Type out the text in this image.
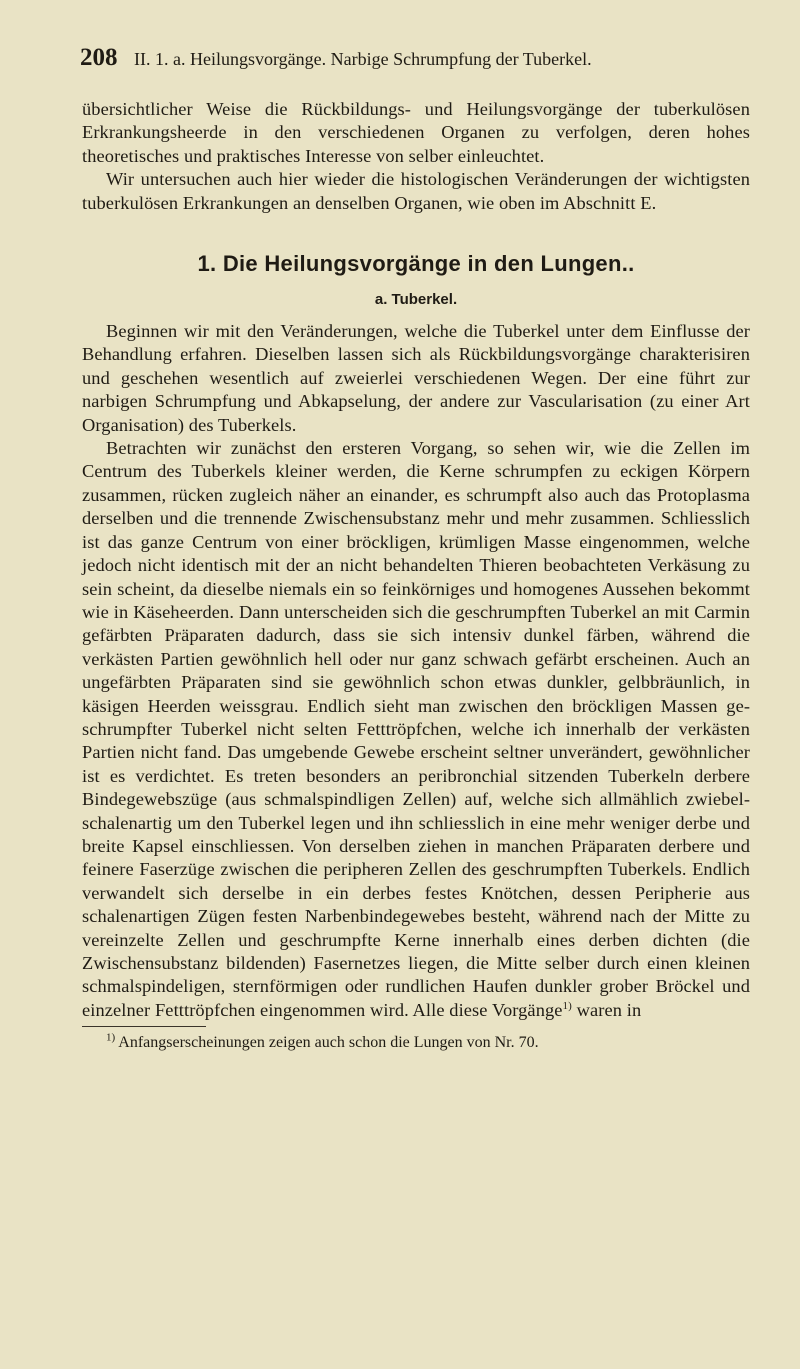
208 II. 1. a. Heilungsvorgänge. Narbige Schrumpfung der Tuberkel.

übersichtlicher Weise die Rückbildungs- und Heilungsvorgänge der tuberkulösen Erkrankungsheerde in den verschiedenen Organen zu verfolgen, deren hohes theoretisches und praktisches Interesse von selber einleuchtet.

Wir untersuchen auch hier wieder die histologischen Veränderungen der wichtigsten tuberkulösen Erkrankungen an denselben Organen, wie oben im Abschnitt E.

1. Die Heilungsvorgänge in den Lungen..
a. Tuberkel.

Beginnen wir mit den Veränderungen, welche die Tuberkel unter dem Einflusse der Behandlung erfahren. Dieselben lassen sich als Rückbildungsvorgänge charakterisiren und geschehen wesentlich auf zweierlei verschiedenen Wegen. Der eine führt zur narbigen Schrumpfung und Abkapselung, der andere zur Vascularisation (zu einer Art Organisation) des Tuberkels.

Betrachten wir zunächst den ersteren Vorgang, so sehen wir, wie die Zellen im Centrum des Tuberkels kleiner werden, die Kerne schrumpfen zu eckigen Körpern zusammen, rücken zugleich näher an einander, es schrumpft also auch das Protoplasma derselben und die trennende Zwischensubstanz mehr und mehr zusammen. Schliesslich ist das ganze Centrum von einer bröckligen, krümligen Masse eingenommen, welche jedoch nicht identisch mit der an nicht behandelten Thieren beobachteten Verkäsung zu sein scheint, da dieselbe niemals ein so feinkörniges und homogenes Aussehen bekommt wie in Käseheerden. Dann unterscheiden sich die geschrumpften Tuberkel an mit Carmin gefärbten Präparaten dadurch, dass sie sich intensiv dunkel färben, während die verkästen Partien gewöhnlich hell oder nur ganz schwach gefärbt erscheinen. Auch an ungefärbten Präparaten sind sie gewöhnlich schon etwas dunkler, gelbbräunlich, in käsigen Heerden weissgrau. Endlich sieht man zwischen den bröckligen Massen geschrumpfter Tuberkel nicht selten Fetttröpfchen, welche ich innerhalb der verkästen Partien nicht fand. Das umgebende Gewebe erscheint seltner unverändert, gewöhnlicher ist es verdichtet. Es treten besonders an peribronchial sitzenden Tuberkeln derbere Bindegewebszüge (aus schmalspindligen Zellen) auf, welche sich allmählich zwiebelschalenartig um den Tuberkel legen und ihn schliesslich in eine mehr weniger derbe und breite Kapsel einschliessen. Von derselben ziehen in manchen Präparaten derbere und feinere Faserzüge zwischen die peripheren Zellen des geschrumpften Tuberkels. Endlich verwandelt sich derselbe in ein derbes festes Knötchen, dessen Peripherie aus schalenartigen Zügen festen Narbenbindegewebes besteht, während nach der Mitte zu vereinzelte Zellen und geschrumpfte Kerne innerhalb eines derben dichten (die Zwischensubstanz bildenden) Fasernetzes liegen, die Mitte selber durch einen kleinen schmalspindeligen, sternförmigen oder rundlichen Haufen dunkler grober Bröckel und einzelner Fetttröpfchen eingenommen wird. Alle diese Vorgänge$^{1)}$ waren in

$^{1)}$ Anfangserscheinungen zeigen auch schon die Lungen von Nr. 70.
